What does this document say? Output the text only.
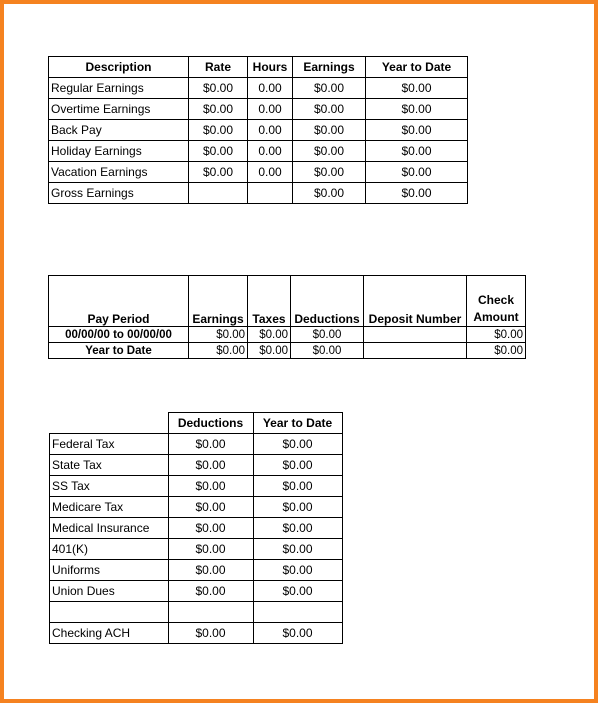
Description	Rate	Hours	Earnings	Year to Date
Regular Earnings	$0.00	0.00	$0.00	$0.00
Overtime Earnings	$0.00	0.00	$0.00	$0.00
Back Pay	$0.00	0.00	$0.00	$0.00
Holiday Earnings	$0.00	0.00	$0.00	$0.00
Vacation Earnings	$0.00	0.00	$0.00	$0.00
Gross Earnings			$0.00	$0.00
Pay Period	Earnings	Taxes	Deductions	Deposit Number	Check Amount
00/00/00 to 00/00/00	$0.00	$0.00	$0.00		$0.00
Year to Date	$0.00	$0.00	$0.00		$0.00
	Deductions	Year to Date
Federal Tax	$0.00	$0.00
State Tax	$0.00	$0.00
SS Tax	$0.00	$0.00
Medicare Tax	$0.00	$0.00
Medical Insurance	$0.00	$0.00
401(K)	$0.00	$0.00
Uniforms	$0.00	$0.00
Union Dues	$0.00	$0.00

Checking ACH	$0.00	$0.00
